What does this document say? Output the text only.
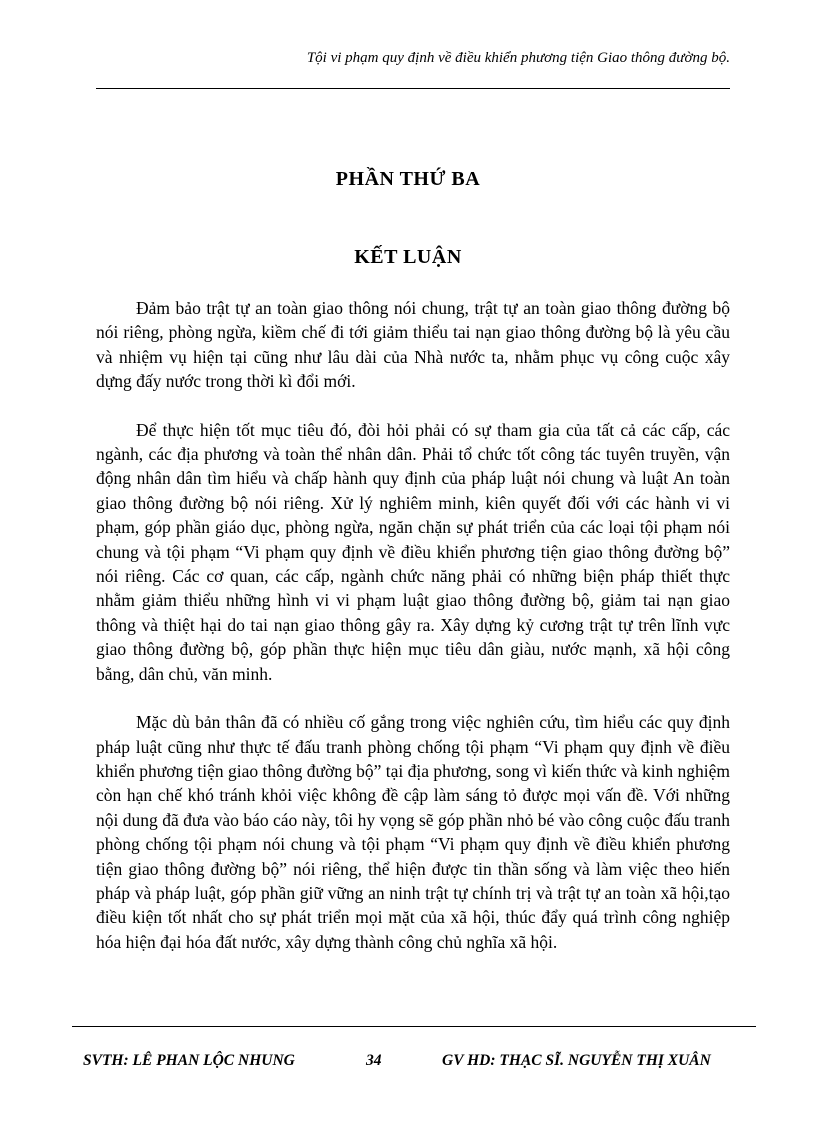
Tội vi phạm quy định về điều khiển phương tiện Giao thông đường bộ.
PHẦN THỨ BA
KẾT LUẬN

Đảm bảo trật tự an toàn giao thông nói chung, trật tự an toàn giao thông đường bộ nói riêng, phòng ngừa, kiềm chế đi tới giảm thiểu tai nạn giao thông đường bộ là yêu cầu và nhiệm vụ hiện tại cũng như lâu dài của Nhà nước ta, nhằm phục vụ công cuộc xây dựng đấy nước trong thời kì đổi mới.

Để thực hiện tốt mục tiêu đó, đòi hỏi phải có sự tham gia của tất cả các cấp, các ngành, các địa phương và toàn thể nhân dân. Phải tổ chức tốt công tác tuyên truyền, vận động nhân dân tìm hiểu và chấp hành quy định của pháp luật nói chung và luật An toàn giao thông đường bộ nói riêng. Xử lý nghiêm minh, kiên quyết đối với các hành vi vi phạm, góp phần giáo dục, phòng ngừa, ngăn chặn sự phát triển của các loại tội phạm nói chung và tội phạm “Vi phạm quy định về điều khiển phương tiện giao thông đường bộ” nói riêng. Các cơ quan, các cấp, ngành chức năng phải có những biện pháp thiết thực nhằm giảm thiểu những hình vi vi phạm luật giao thông đường bộ, giảm tai nạn giao thông và thiệt hại do tai nạn giao thông gây ra. Xây dựng kỷ cương trật tự trên lĩnh vực giao thông đường bộ, góp phần thực hiện mục tiêu dân giàu, nước mạnh, xã hội công bằng, dân chủ, văn minh.

Mặc dù bản thân đã có nhiều cố gắng trong việc nghiên cứu, tìm hiểu các quy định pháp luật cũng như thực tế đấu tranh phòng chống tội phạm “Vi phạm quy định về điều khiển phương tiện giao thông đường bộ” tại địa phương, song vì kiến thức và kinh nghiệm còn hạn chế khó tránh khỏi việc không đề cập làm sáng tỏ được mọi vấn đề. Với những nội dung đã đưa vào báo cáo này, tôi hy vọng sẽ góp phần nhỏ bé vào công cuộc đấu tranh phòng chống tội phạm nói chung và tội phạm “Vi phạm quy định về điều khiển phương tiện giao thông đường bộ” nói riêng, thể hiện được tin thần sống và làm việc theo hiến pháp và pháp luật, góp phần giữ vững an ninh trật tự chính trị và trật tự an toàn xã hội,tạo điều kiện tốt nhất cho sự phát triển mọi mặt của xã hội, thúc đẩy quá trình công nghiệp hóa hiện đại hóa đất nước, xây dựng thành công chủ nghĩa xã hội.

SVTH: LÊ PHAN LỘC NHUNG	34	GV HD: THẠC SĨ. NGUYỄN THỊ XUÂN
